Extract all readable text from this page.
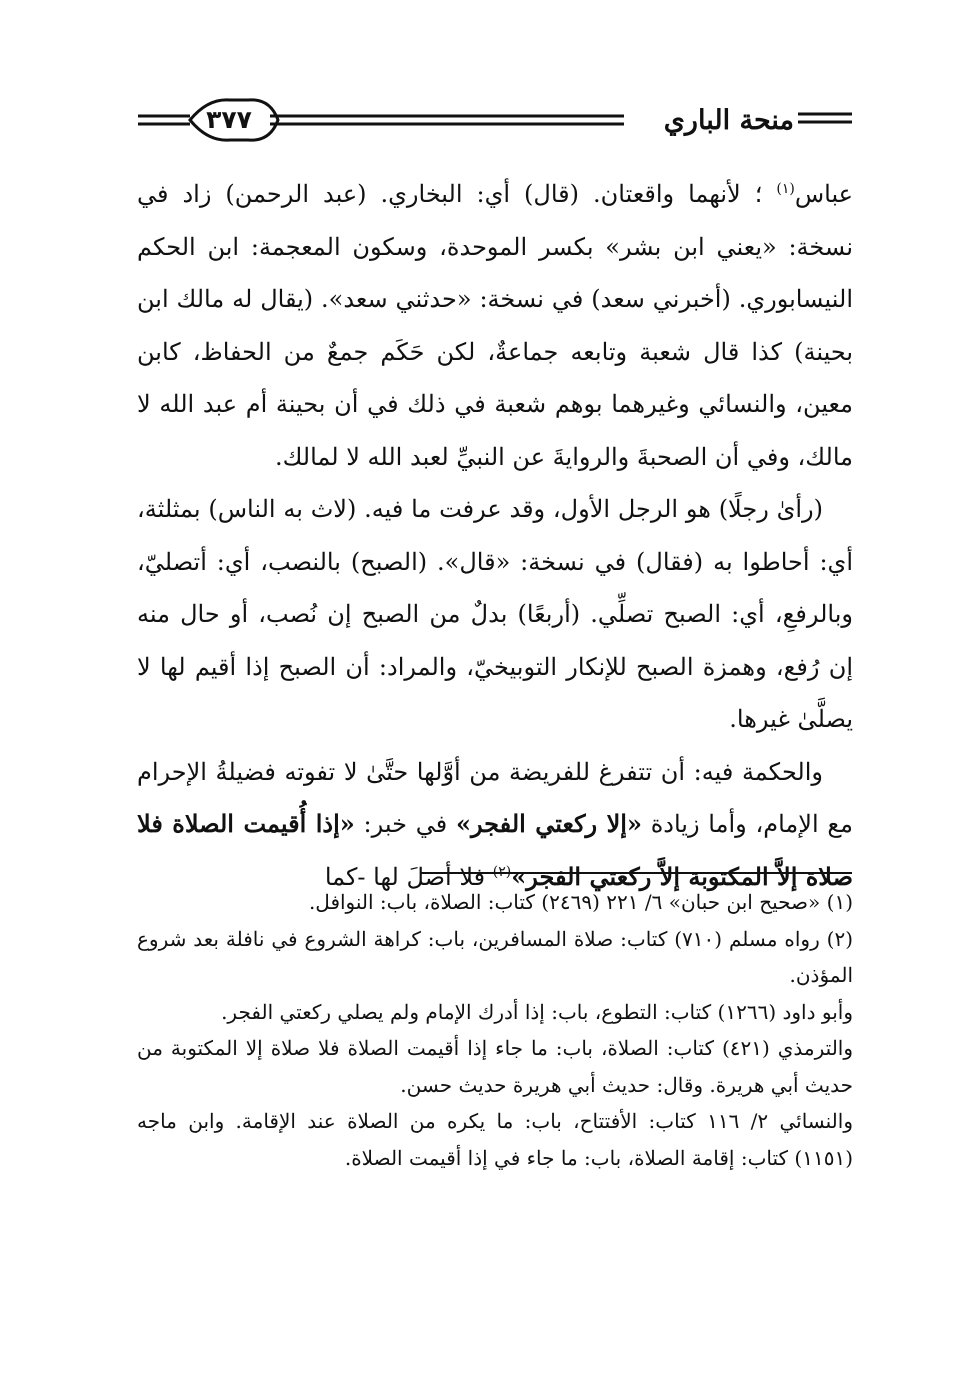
منحة الباري
٣٧٧

عباس$^{(١)}$ ؛ لأنهما واقعتان. (قال) أي: البخاري. (عبد الرحمن) زاد في نسخة: «يعني ابن بشر» بكسر الموحدة، وسكون المعجمة: ابن الحكم النيسابوري. (أخبرني سعد) في نسخة: «حدثني سعد». (يقال له مالك ابن بحينة) كذا قال شعبة وتابعه جماعةٌ، لكن حَكَم جمعٌ من الحفاظ، كابن معين، والنسائي وغيرهما بوهم شعبة في ذلك في أن بحينة أم عبد الله لا مالك، وفي أن الصحبةَ والروايةَ عن النبيِّ لعبد الله لا لمالك.

(رأىٰ رجلًا) هو الرجل الأول، وقد عرفت ما فيه. (لاث به الناس) بمثلثة، أي: أحاطوا به (فقال) في نسخة: «قال». (الصبح) بالنصب، أي: أتصليّ، وبالرفعِ، أي: الصبح تصلِّي. (أربعًا) بدلٌ من الصبح إن نُصب، أو حال منه إن رُفع، وهمزة الصبح للإنكار التوبيخيّ، والمراد: أن الصبح إذا أقيم لها لا يصلَّىٰ غيرها.

والحكمة فيه: أن تتفرغ للفريضة من أوَّلها حتَّىٰ لا تفوته فضيلةُ الإحرام مع الإمام، وأما زيادة «إلا ركعتي الفجر» في خبر: «إذا أُقيمت الصلاة فلا صلاة إلاَّ المكتوبة إلاَّ ركعتي الفجر»$^{(٢)}$ فلا أصلَ لها -كما

(١) «صحيح ابن حبان» ٦/ ٢٢١ (٢٤٦٩) كتاب: الصلاة، باب: النوافل.

(٢) رواه مسلم (٧١٠) كتاب: صلاة المسافرين، باب: كراهة الشروع في نافلة بعد شروع المؤذن.

وأبو داود (١٢٦٦) كتاب: التطوع، باب: إذا أدرك الإمام ولم يصلي ركعتي الفجر.

والترمذي (٤٢١) كتاب: الصلاة، باب: ما جاء إذا أقيمت الصلاة فلا صلاة إلا المكتوبة من حديث أبي هريرة. وقال: حديث أبي هريرة حديث حسن.

والنسائي ٢/ ١١٦ كتاب: الأفتتاح، باب: ما يكره من الصلاة عند الإقامة. وابن ماجه (١١٥١) كتاب: إقامة الصلاة، باب: ما جاء في إذا أقيمت الصلاة.
